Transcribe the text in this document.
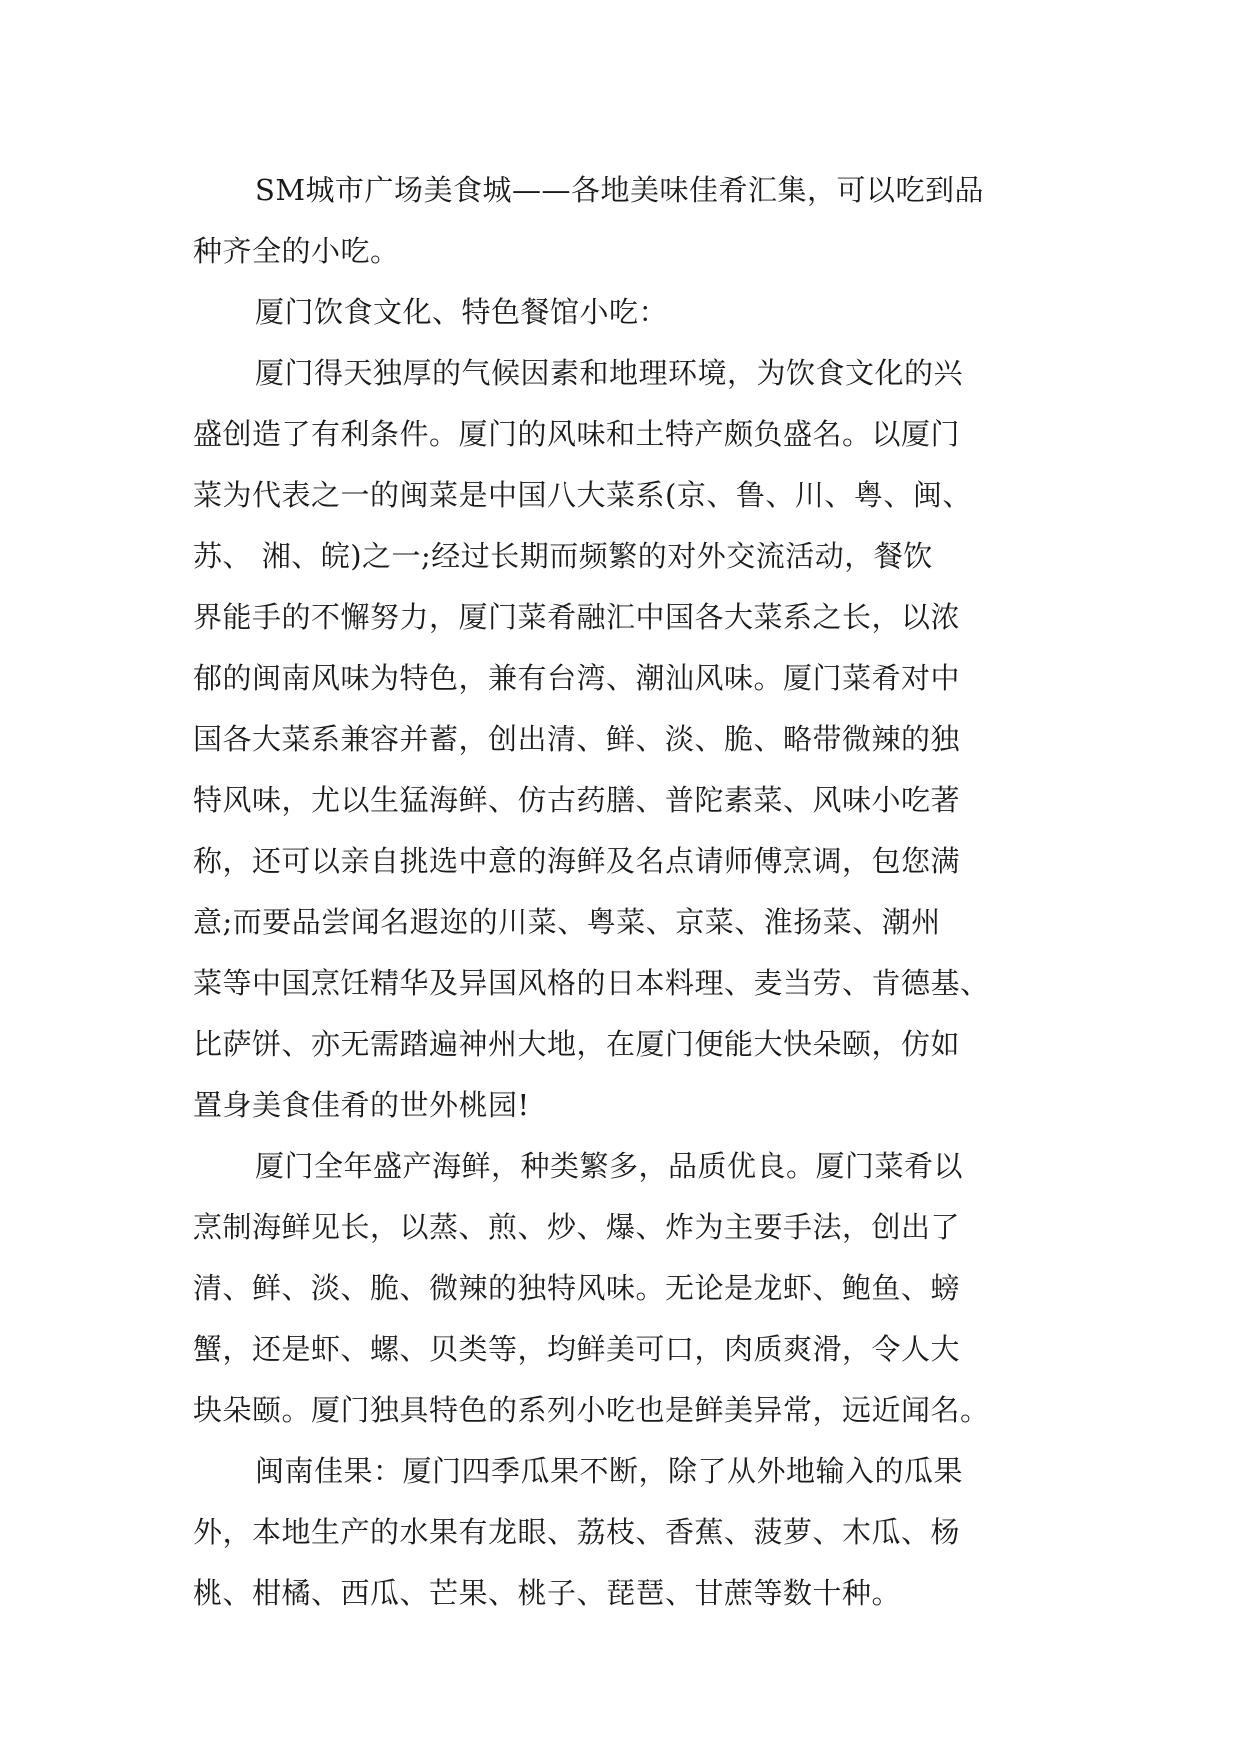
SM城市广场美食城——各地美味佳肴汇集，可以吃到品
种齐全的小吃。
厦门饮食文化、特色餐馆小吃：
厦门得天独厚的气候因素和地理环境，为饮食文化的兴
盛创造了有利条件。厦门的风味和土特产颇负盛名。以厦门
菜为代表之一的闽菜是中国八大菜系(京、鲁、川、粤、闽、
苏、 湘、皖)之一;经过长期而频繁的对外交流活动，餐饮
界能手的不懈努力，厦门菜肴融汇中国各大菜系之长，以浓
郁的闽南风味为特色，兼有台湾、潮汕风味。厦门菜肴对中
国各大菜系兼容并蓄，创出清、鲜、淡、脆、略带微辣的独
特风味，尤以生猛海鲜、仿古药膳、普陀素菜、风味小吃著
称，还可以亲自挑选中意的海鲜及名点请师傅烹调，包您满
意;而要品尝闻名遐迩的川菜、粤菜、京菜、淮扬菜、潮州
菜等中国烹饪精华及异国风格的日本料理、麦当劳、肯德基、
比萨饼、亦无需踏遍神州大地，在厦门便能大快朵颐，仿如
置身美食佳肴的世外桃园!
厦门全年盛产海鲜，种类繁多，品质优良。厦门菜肴以
烹制海鲜见长，以蒸、煎、炒、爆、炸为主要手法，创出了
清、鲜、淡、脆、微辣的独特风味。无论是龙虾、鲍鱼、螃
蟹，还是虾、螺、贝类等，均鲜美可口，肉质爽滑，令人大
块朵颐。厦门独具特色的系列小吃也是鲜美异常，远近闻名。
闽南佳果：厦门四季瓜果不断，除了从外地输入的瓜果
外，本地生产的水果有龙眼、荔枝、香蕉、菠萝、木瓜、杨
桃、柑橘、西瓜、芒果、桃子、琵琶、甘蔗等数十种。
